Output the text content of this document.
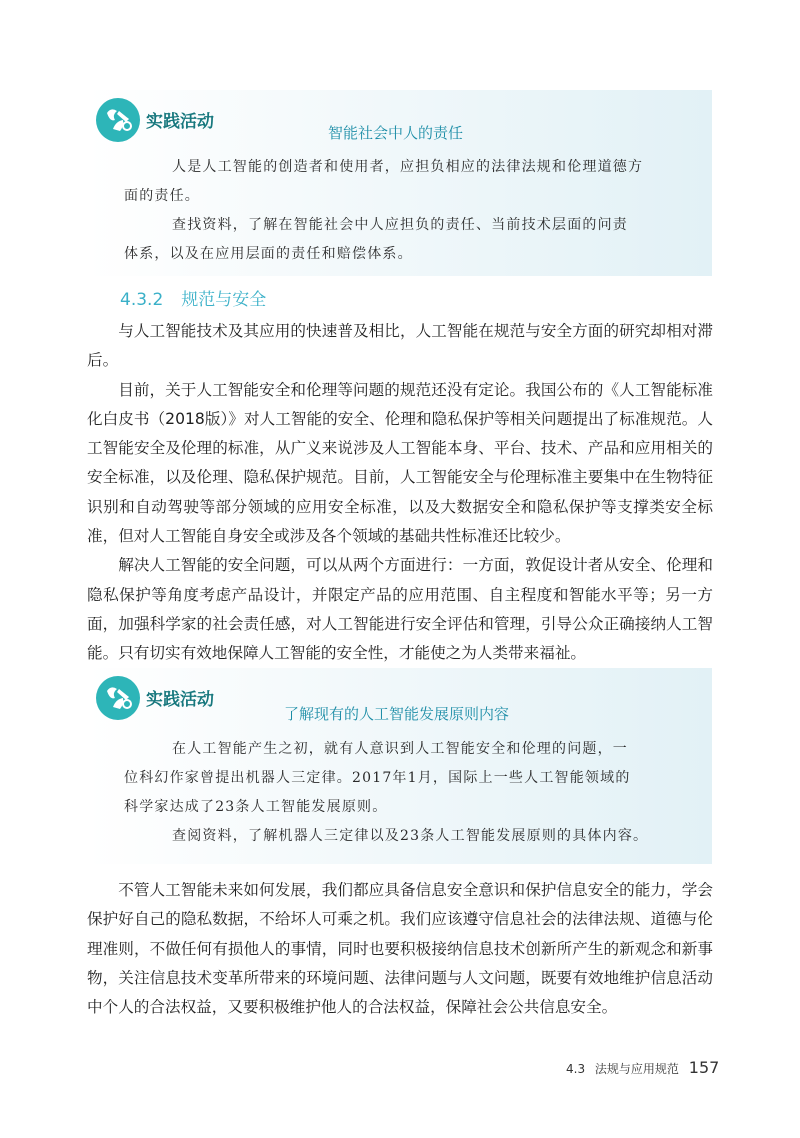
实践活动
智能社会中人的责任
人是人工智能的创造者和使用者，应担负相应的法律法规和伦理道德方
面的责任。
查找资料，了解在智能社会中人应担负的责任、当前技术层面的问责
体系，以及在应用层面的责任和赔偿体系。
4.3.2 规范与安全

与人工智能技术及其应用的快速普及相比，人工智能在规范与安全方面的研究却相对滞后。

目前，关于人工智能安全和伦理等问题的规范还没有定论。我国公布的《人工智能标准化白皮书（2018版）》对人工智能的安全、伦理和隐私保护等相关问题提出了标准规范。人工智能安全及伦理的标准，从广义来说涉及人工智能本身、平台、技术、产品和应用相关的安全标准，以及伦理、隐私保护规范。目前，人工智能安全与伦理标准主要集中在生物特征识别和自动驾驶等部分领域的应用安全标准，以及大数据安全和隐私保护等支撑类安全标准，但对人工智能自身安全或涉及各个领域的基础共性标准还比较少。

解决人工智能的安全问题，可以从两个方面进行：一方面，敦促设计者从安全、伦理和隐私保护等角度考虑产品设计，并限定产品的应用范围、自主程度和智能水平等；另一方面，加强科学家的社会责任感，对人工智能进行安全评估和管理，引导公众正确接纳人工智能。只有切实有效地保障人工智能的安全性，才能使之为人类带来福祉。

实践活动
了解现有的人工智能发展原则内容
在人工智能产生之初，就有人意识到人工智能安全和伦理的问题，一
位科幻作家曾提出机器人三定律。2017年1月，国际上一些人工智能领域的
科学家达成了23条人工智能发展原则。
查阅资料，了解机器人三定律以及23条人工智能发展原则的具体内容。

不管人工智能未来如何发展，我们都应具备信息安全意识和保护信息安全的能力，学会保护好自己的隐私数据，不给坏人可乘之机。我们应该遵守信息社会的法律法规、道德与伦理准则，不做任何有损他人的事情，同时也要积极接纳信息技术创新所产生的新观念和新事物，关注信息技术变革所带来的环境问题、法律问题与人文问题，既要有效地维护信息活动中个人的合法权益，又要积极维护他人的合法权益，保障社会公共信息安全。

4.3 法规与应用规范 157
